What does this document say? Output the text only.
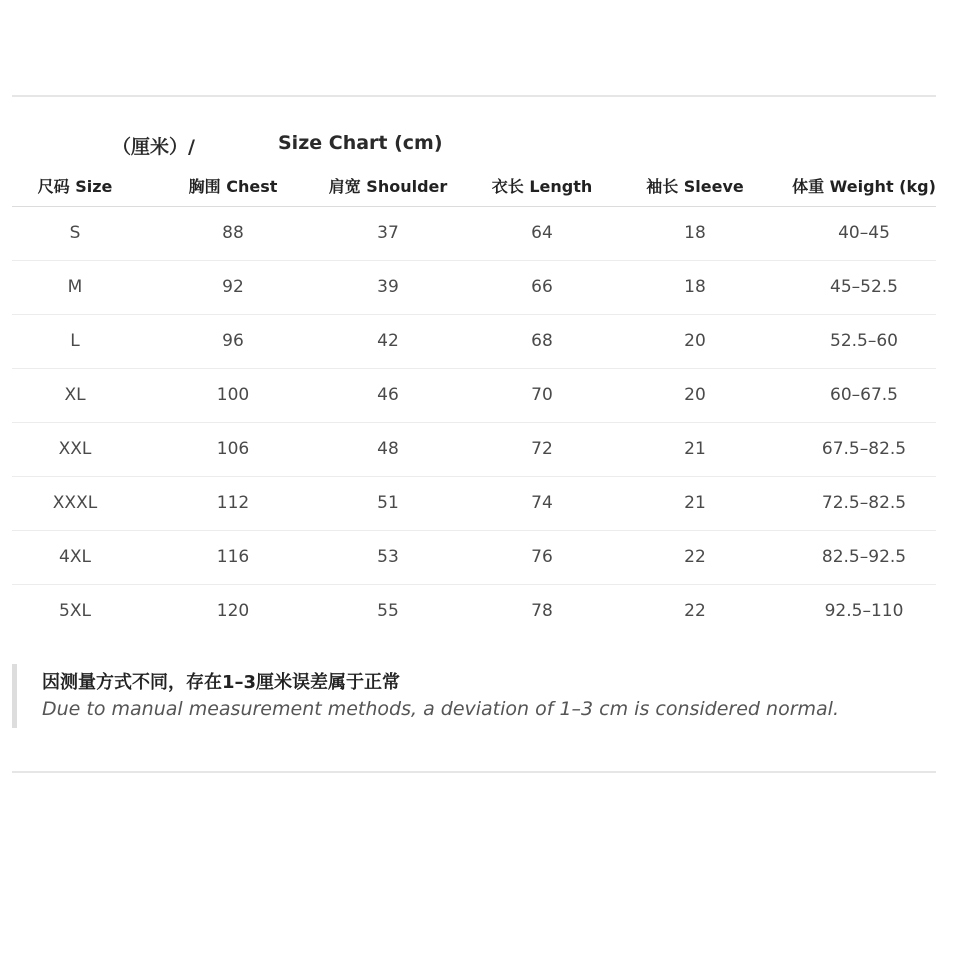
（厘米）/	Size Chart (cm)
尺码 Size	胸围 Chest	肩宽 Shoulder	衣长 Length	袖长 Sleeve	体重 Weight (kg)
S	88	37	64	18	40–45
M	92	39	66	18	45–52.5
L	96	42	68	20	52.5–60
XL	100	46	70	20	60–67.5
XXL	106	48	72	21	67.5–82.5
XXXL	112	51	74	21	72.5–82.5
4XL	116	53	76	22	82.5–92.5
5XL	120	55	78	22	92.5–110
因测量方式不同，存在1–3厘米误差属于正常
Due to manual measurement methods, a deviation of 1–3 cm is considered normal.
